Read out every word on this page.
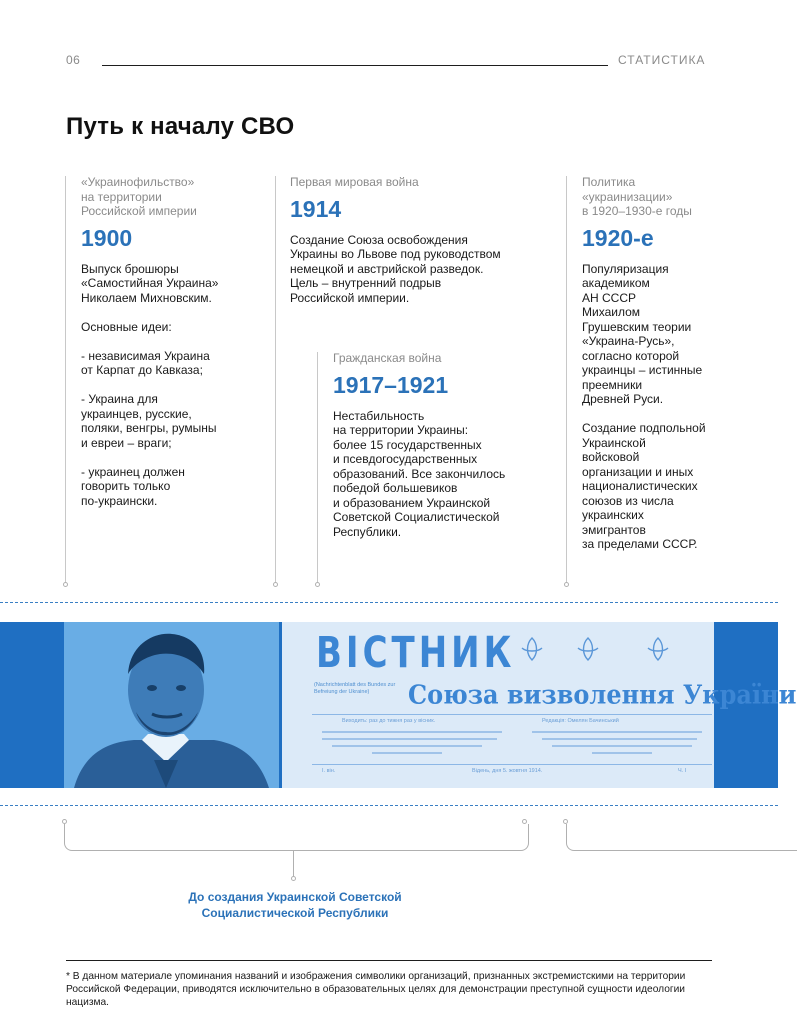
06	СТАТИСТИКА
Путь к началу СВО
«Украинофильство»
на территории
Российской империи
1900

Выпуск брошюры
«Самостийная Украина»
Николаем Михновским.

Основные идеи:

- независимая Украина
от Карпат до Кавказа;

- Украина для
украинцев, русские,
поляки, венгры, румыны
и евреи – враги;

- украинец должен
говорить только
по-украински.

Первая мировая война
1914

Создание Союза освобождения
Украины во Львове под руководством
немецкой и австрийской разведок.
Цель – внутренний подрыв
Российской империи.

Гражданская война
1917–1921

Нестабильность
на территории Украины:
более 15 государственных
и псевдогосударственных
образований. Все закончилось
победой большевиков
и образованием Украинской
Советской Социалистической
Республики.

Политика
«украинизации»
в 1920–1930-е годы
1920-е

Популяризация
академиком
АН СССР
Михаилом
Грушевским теории
«Украина-Русь»,
согласно которой
украинцы – истинные
преемники
Древней Руси.

Создание подпольной
Украинской
войсковой
организации и иных
националистических
союзов из числа
украинских
эмигрантов
за пределами СССР.

ВІСТНИК
(Nachrichtenblatt des Bundes zur Befreiung der Ukraine)	Союза визволення України
Виходить: раз до тижня раз у вісник.	Редакція: Омелян Бачинський
I. він.	Відень, дня 5. жовтня 1914.	Ч. I
До создания Украинской Советской
Социалистической Республики
* В данном материале упоминания названий и изображения символики организаций, признанных экстремистскими на территории Российской Федерации, приводятся исключительно в образовательных целях для демонстрации преступной сущности идеологии нацизма.
